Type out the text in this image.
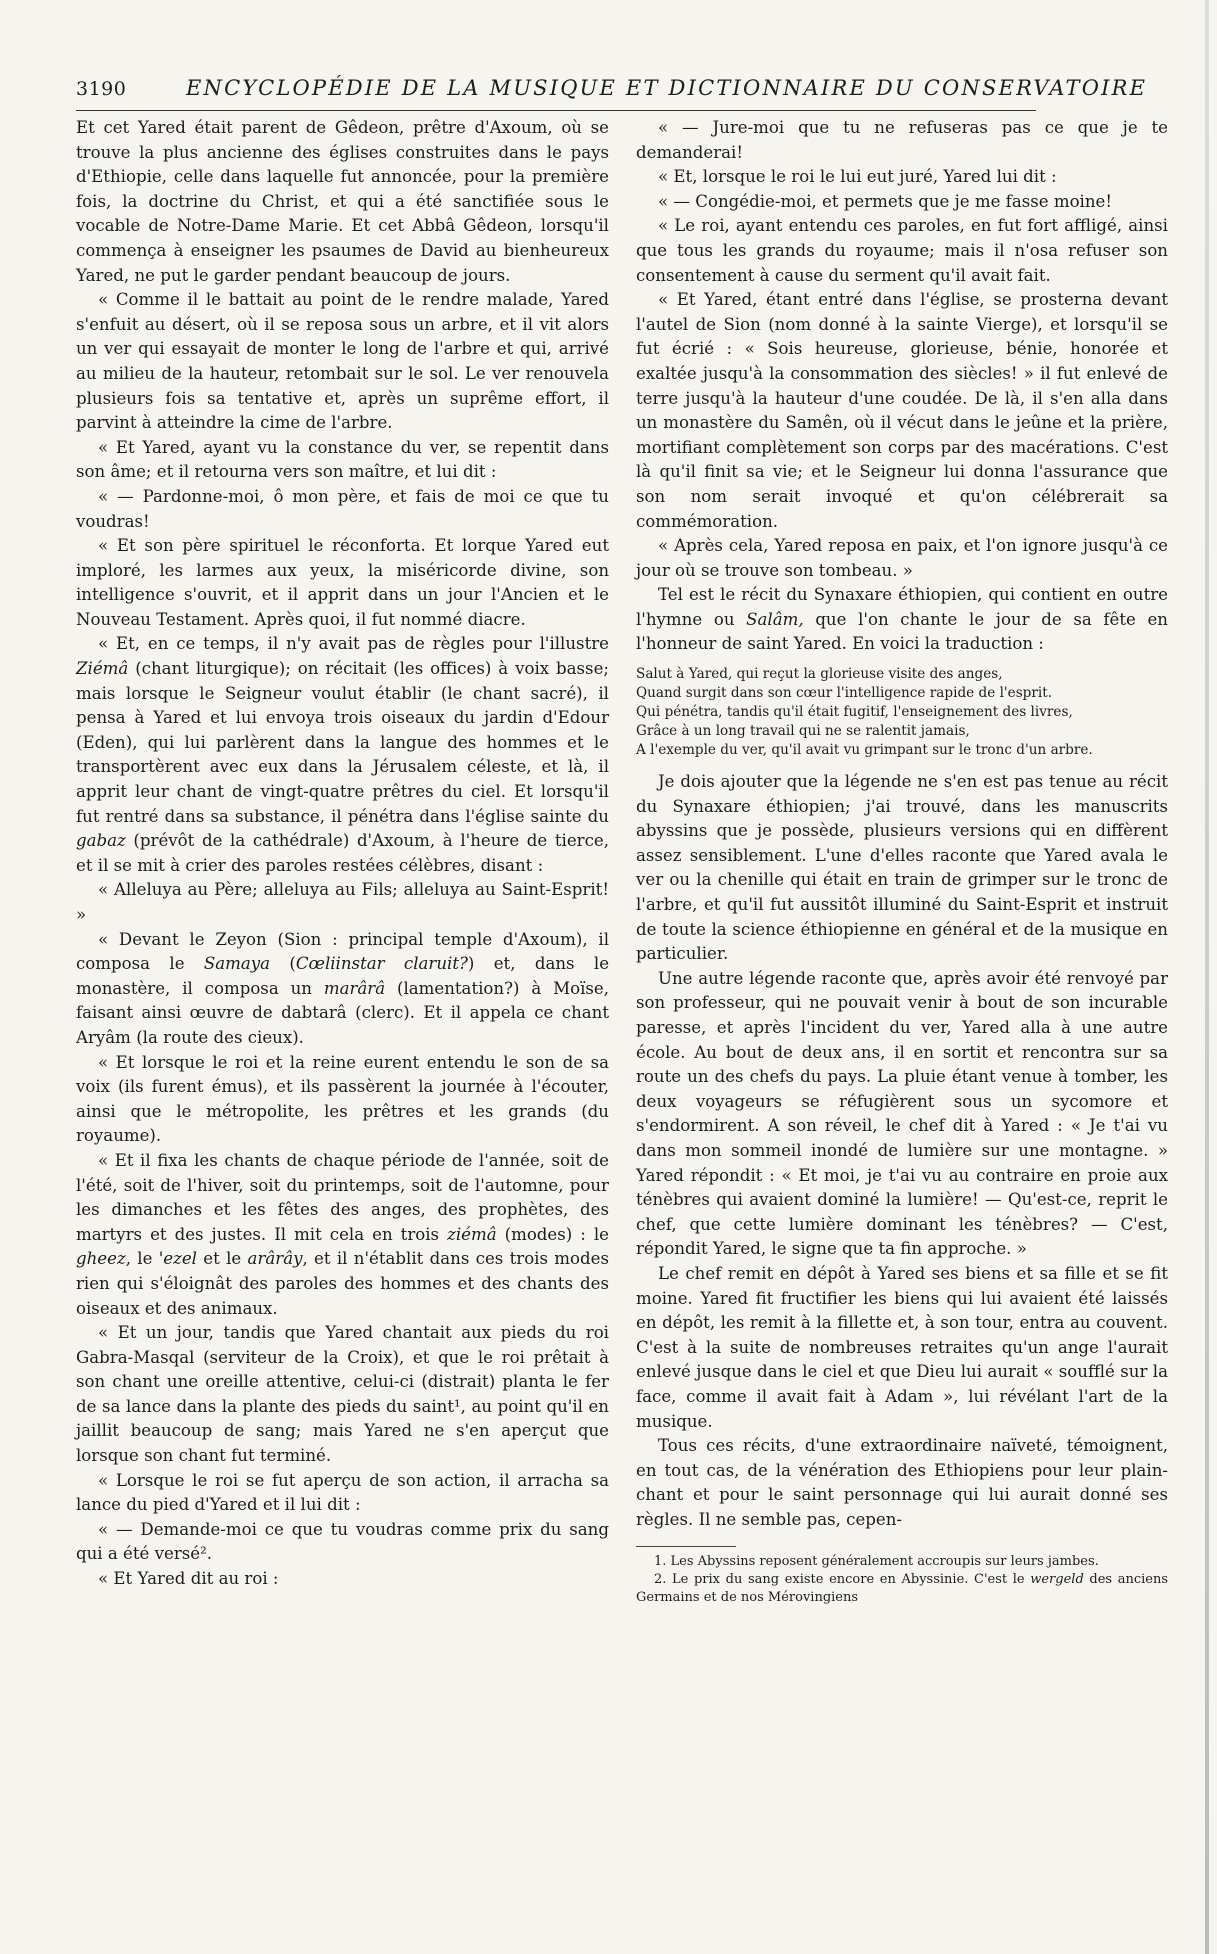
3190	ENCYCLOPÉDIE DE LA MUSIQUE ET DICTIONNAIRE DU CONSERVATOIRE

Et cet Yared était parent de Gêdeon, prêtre d'Axoum, où se trouve la plus ancienne des églises construites dans le pays d'Ethiopie, celle dans laquelle fut annoncée, pour la première fois, la doctrine du Christ, et qui a été sanctifiée sous le vocable de Notre-Dame Marie. Et cet Abbâ Gêdeon, lorsqu'il commença à enseigner les psaumes de David au bienheureux Yared, ne put le garder pendant beaucoup de jours.

« Comme il le battait au point de le rendre malade, Yared s'enfuit au désert, où il se reposa sous un arbre, et il vit alors un ver qui essayait de monter le long de l'arbre et qui, arrivé au milieu de la hauteur, retombait sur le sol. Le ver renouvela plusieurs fois sa tentative et, après un suprême effort, il parvint à atteindre la cime de l'arbre.

« Et Yared, ayant vu la constance du ver, se repentit dans son âme; et il retourna vers son maître, et lui dit :

« — Pardonne-moi, ô mon père, et fais de moi ce que tu voudras!

« Et son père spirituel le réconforta. Et lorque Yared eut imploré, les larmes aux yeux, la miséricorde divine, son intelligence s'ouvrit, et il apprit dans un jour l'Ancien et le Nouveau Testament. Après quoi, il fut nommé diacre.

« Et, en ce temps, il n'y avait pas de règles pour l'illustre Ziémâ (chant liturgique); on récitait (les offices) à voix basse; mais lorsque le Seigneur voulut établir (le chant sacré), il pensa à Yared et lui envoya trois oiseaux du jardin d'Edour (Eden), qui lui parlèrent dans la langue des hommes et le transportèrent avec eux dans la Jérusalem céleste, et là, il apprit leur chant de vingt-quatre prêtres du ciel. Et lorsqu'il fut rentré dans sa substance, il pénétra dans l'église sainte du gabaz (prévôt de la cathédrale) d'Axoum, à l'heure de tierce, et il se mit à crier des paroles restées célèbres, disant :

« Alleluya au Père; alleluya au Fils; alleluya au Saint-Esprit! »

« Devant le Zeyon (Sion : principal temple d'Axoum), il composa le Samaya (Cœliinstar claruit?) et, dans le monastère, il composa un marârâ (lamentation?) à Moïse, faisant ainsi œuvre de dabtarâ (clerc). Et il appela ce chant Aryâm (la route des cieux).

« Et lorsque le roi et la reine eurent entendu le son de sa voix (ils furent émus), et ils passèrent la journée à l'écouter, ainsi que le métropolite, les prêtres et les grands (du royaume).

« Et il fixa les chants de chaque période de l'année, soit de l'été, soit de l'hiver, soit du printemps, soit de l'automne, pour les dimanches et les fêtes des anges, des prophètes, des martyrs et des justes. Il mit cela en trois ziémâ (modes) : le gheez, le 'ezel et le arârây, et il n'établit dans ces trois modes rien qui s'éloignât des paroles des hommes et des chants des oiseaux et des animaux.

« Et un jour, tandis que Yared chantait aux pieds du roi Gabra-Masqal (serviteur de la Croix), et que le roi prêtait à son chant une oreille attentive, celui-ci (distrait) planta le fer de sa lance dans la plante des pieds du saint¹, au point qu'il en jaillit beaucoup de sang; mais Yared ne s'en aperçut que lorsque son chant fut terminé.

« Lorsque le roi se fut aperçu de son action, il arracha sa lance du pied d'Yared et il lui dit :

« — Demande-moi ce que tu voudras comme prix du sang qui a été versé².

« Et Yared dit au roi :

« — Jure-moi que tu ne refuseras pas ce que je te demanderai!

« Et, lorsque le roi le lui eut juré, Yared lui dit :

« — Congédie-moi, et permets que je me fasse moine!

« Le roi, ayant entendu ces paroles, en fut fort affligé, ainsi que tous les grands du royaume; mais il n'osa refuser son consentement à cause du serment qu'il avait fait.

« Et Yared, étant entré dans l'église, se prosterna devant l'autel de Sion (nom donné à la sainte Vierge), et lorsqu'il se fut écrié : « Sois heureuse, glorieuse, bénie, honorée et exaltée jusqu'à la consommation des siècles! » il fut enlevé de terre jusqu'à la hauteur d'une coudée. De là, il s'en alla dans un monastère du Samên, où il vécut dans le jeûne et la prière, mortifiant complètement son corps par des macérations. C'est là qu'il finit sa vie; et le Seigneur lui donna l'assurance que son nom serait invoqué et qu'on célébrerait sa commémoration.

« Après cela, Yared reposa en paix, et l'on ignore jusqu'à ce jour où se trouve son tombeau. »

Tel est le récit du Synaxare éthiopien, qui contient en outre l'hymne ou Salâm, que l'on chante le jour de sa fête en l'honneur de saint Yared. En voici la traduction :

Salut à Yared, qui reçut la glorieuse visite des anges,
Quand surgit dans son cœur l'intelligence rapide de l'esprit.
Qui pénétra, tandis qu'il était fugitif, l'enseignement des livres,
Grâce à un long travail qui ne se ralentit jamais,
A l'exemple du ver, qu'il avait vu grimpant sur le tronc d'un arbre.

Je dois ajouter que la légende ne s'en est pas tenue au récit du Synaxare éthiopien; j'ai trouvé, dans les manuscrits abyssins que je possède, plusieurs versions qui en diffèrent assez sensiblement. L'une d'elles raconte que Yared avala le ver ou la chenille qui était en train de grimper sur le tronc de l'arbre, et qu'il fut aussitôt illuminé du Saint-Esprit et instruit de toute la science éthiopienne en général et de la musique en particulier.

Une autre légende raconte que, après avoir été renvoyé par son professeur, qui ne pouvait venir à bout de son incurable paresse, et après l'incident du ver, Yared alla à une autre école. Au bout de deux ans, il en sortit et rencontra sur sa route un des chefs du pays. La pluie étant venue à tomber, les deux voyageurs se réfugièrent sous un sycomore et s'endormirent. A son réveil, le chef dit à Yared : « Je t'ai vu dans mon sommeil inondé de lumière sur une montagne. » Yared répondit : « Et moi, je t'ai vu au contraire en proie aux ténèbres qui avaient dominé la lumière! — Qu'est-ce, reprit le chef, que cette lumière dominant les ténèbres? — C'est, répondit Yared, le signe que ta fin approche. »

Le chef remit en dépôt à Yared ses biens et sa fille et se fit moine. Yared fit fructifier les biens qui lui avaient été laissés en dépôt, les remit à la fillette et, à son tour, entra au couvent. C'est à la suite de nombreuses retraites qu'un ange l'aurait enlevé jusque dans le ciel et que Dieu lui aurait « soufflé sur la face, comme il avait fait à Adam », lui révélant l'art de la musique.

Tous ces récits, d'une extraordinaire naïveté, témoignent, en tout cas, de la vénération des Ethiopiens pour leur plain-chant et pour le saint personnage qui lui aurait donné ses règles. Il ne semble pas, cepen-

1. Les Abyssins reposent généralement accroupis sur leurs jambes.

2. Le prix du sang existe encore en Abyssinie. C'est le wergeld des anciens Germains et de nos Mérovingiens
